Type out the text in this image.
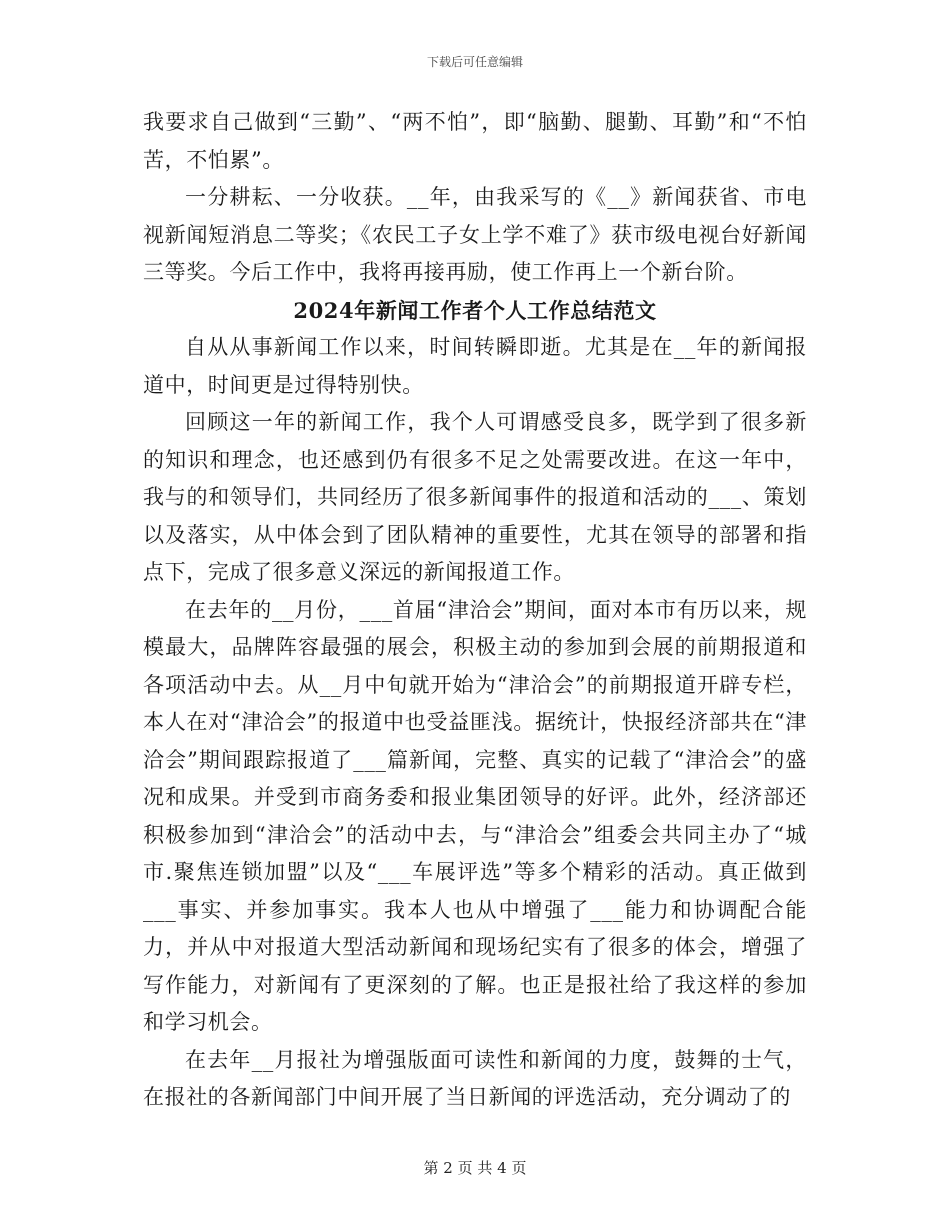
下载后可任意编辑

我要求自己做到“三勤”、“两不怕”，即“脑勤、腿勤、耳勤”和“不怕苦，不怕累”。

一分耕耘、一分收获。__年，由我采写的《__》新闻获省、市电视新闻短消息二等奖；《农民工子女上学不难了》获市级电视台好新闻三等奖。今后工作中，我将再接再励，使工作再上一个新台阶。

2024年新闻工作者个人工作总结范文

自从从事新闻工作以来，时间转瞬即逝。尤其是在__年的新闻报道中，时间更是过得特别快。

回顾这一年的新闻工作，我个人可谓感受良多，既学到了很多新的知识和理念，也还感到仍有很多不足之处需要改进。在这一年中，我与的和领导们，共同经历了很多新闻事件的报道和活动的___、策划以及落实，从中体会到了团队精神的重要性，尤其在领导的部署和指点下，完成了很多意义深远的新闻报道工作。

在去年的__月份，___首届“津洽会”期间，面对本市有历以来，规模最大，品牌阵容最强的展会，积极主动的参加到会展的前期报道和各项活动中去。从__月中旬就开始为“津洽会”的前期报道开辟专栏，本人在对“津洽会”的报道中也受益匪浅。据统计，快报经济部共在“津洽会”期间跟踪报道了___篇新闻，完整、真实的记载了“津洽会”的盛况和成果。并受到市商务委和报业集团领导的好评。此外，经济部还积极参加到“津洽会”的活动中去，与“津洽会”组委会共同主办了“城市.聚焦连锁加盟”以及“___车展评选”等多个精彩的活动。真正做到___事实、并参加事实。我本人也从中增强了___能力和协调配合能力，并从中对报道大型活动新闻和现场纪实有了很多的体会，增强了写作能力，对新闻有了更深刻的了解。也正是报社给了我这样的参加和学习机会。

在去年__月报社为增强版面可读性和新闻的力度，鼓舞的士气，在报社的各新闻部门中间开展了当日新闻的评选活动，充分调动了的

第 2 页 共 4 页
